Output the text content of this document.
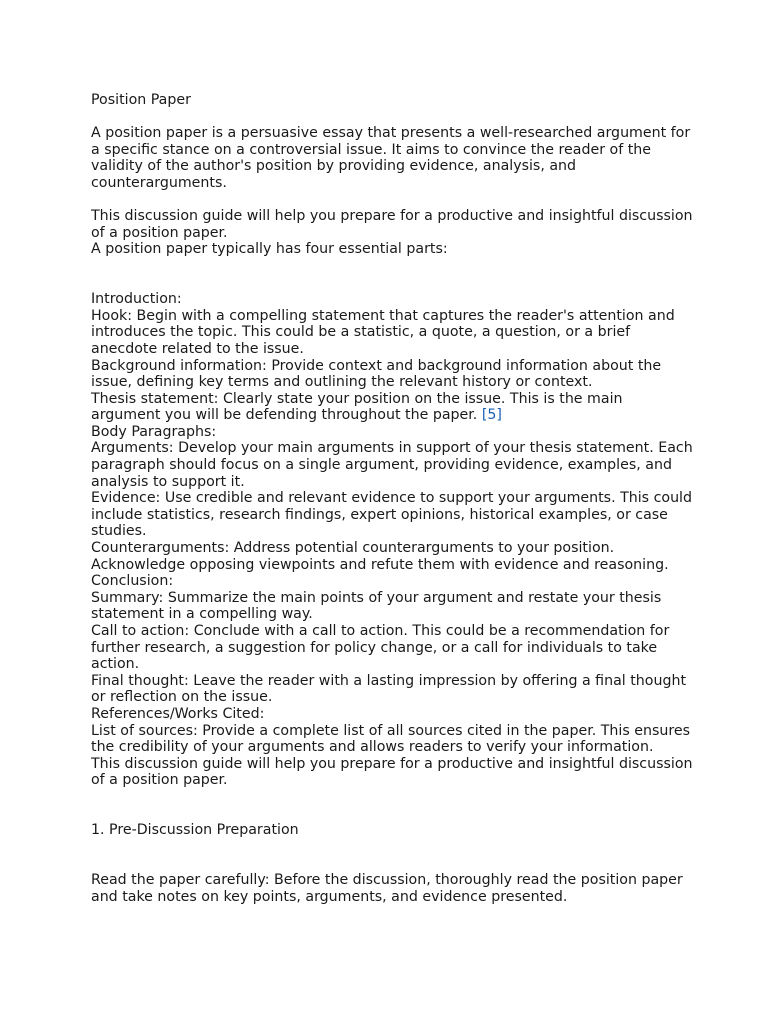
Position Paper
A position paper is a persuasive essay that presents a well-researched argument for
a specific stance on a controversial issue. It aims to convince the reader of the
validity of the author's position by providing evidence, analysis, and
counterarguments.
This discussion guide will help you prepare for a productive and insightful discussion
of a position paper.
A position paper typically has four essential parts:
Introduction:
Hook: Begin with a compelling statement that captures the reader's attention and
introduces the topic. This could be a statistic, a quote, a question, or a brief
anecdote related to the issue.
Background information: Provide context and background information about the
issue, defining key terms and outlining the relevant history or context.
Thesis statement: Clearly state your position on the issue. This is the main
argument you will be defending throughout the paper. [5]
Body Paragraphs:
Arguments: Develop your main arguments in support of your thesis statement. Each
paragraph should focus on a single argument, providing evidence, examples, and
analysis to support it.
Evidence: Use credible and relevant evidence to support your arguments. This could
include statistics, research findings, expert opinions, historical examples, or case
studies.
Counterarguments: Address potential counterarguments to your position.
Acknowledge opposing viewpoints and refute them with evidence and reasoning.
Conclusion:
Summary: Summarize the main points of your argument and restate your thesis
statement in a compelling way.
Call to action: Conclude with a call to action. This could be a recommendation for
further research, a suggestion for policy change, or a call for individuals to take
action.
Final thought: Leave the reader with a lasting impression by offering a final thought
or reflection on the issue.
References/Works Cited:
List of sources: Provide a complete list of all sources cited in the paper. This ensures
the credibility of your arguments and allows readers to verify your information.
This discussion guide will help you prepare for a productive and insightful discussion
of a position paper.
1. Pre-Discussion Preparation
Read the paper carefully: Before the discussion, thoroughly read the position paper
and take notes on key points, arguments, and evidence presented.
